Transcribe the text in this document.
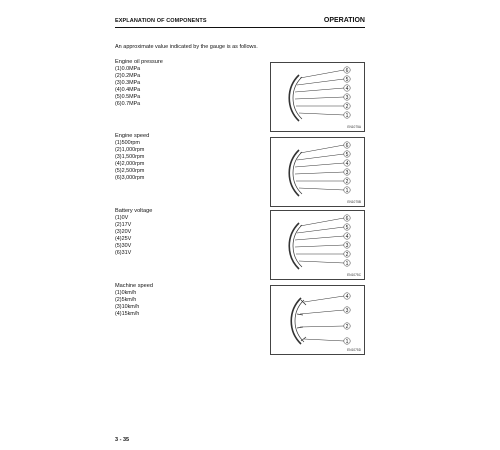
EXPLANATION OF COMPONENTS	OPERATION
An approximate value indicated by the gauge is as follows.
Engine oil pressure
(1)0.0MPa
(2)0.2MPa
(3)0.3MPa
(4)0.4MPa
(5)0.5MPa
(6)0.7MPa
6
5
4
3
2
1
EN1075A
Engine speed
(1)500rpm
(2)1,000rpm
(3)1,500rpm
(4)2,000rpm
(5)2,500rpm
(6)3,000rpm
6
5
4
3
2
1
EN1075B
Battery voltage
(1)0V
(2)17V
(3)20V
(4)25V
(5)30V
(6)31V
6
5
4
3
2
1
EN1075C
Machine speed
(1)0km/h
(2)5km/h
(3)10km/h
(4)15km/h
4
3
2
1
EN1075D
3 - 35
